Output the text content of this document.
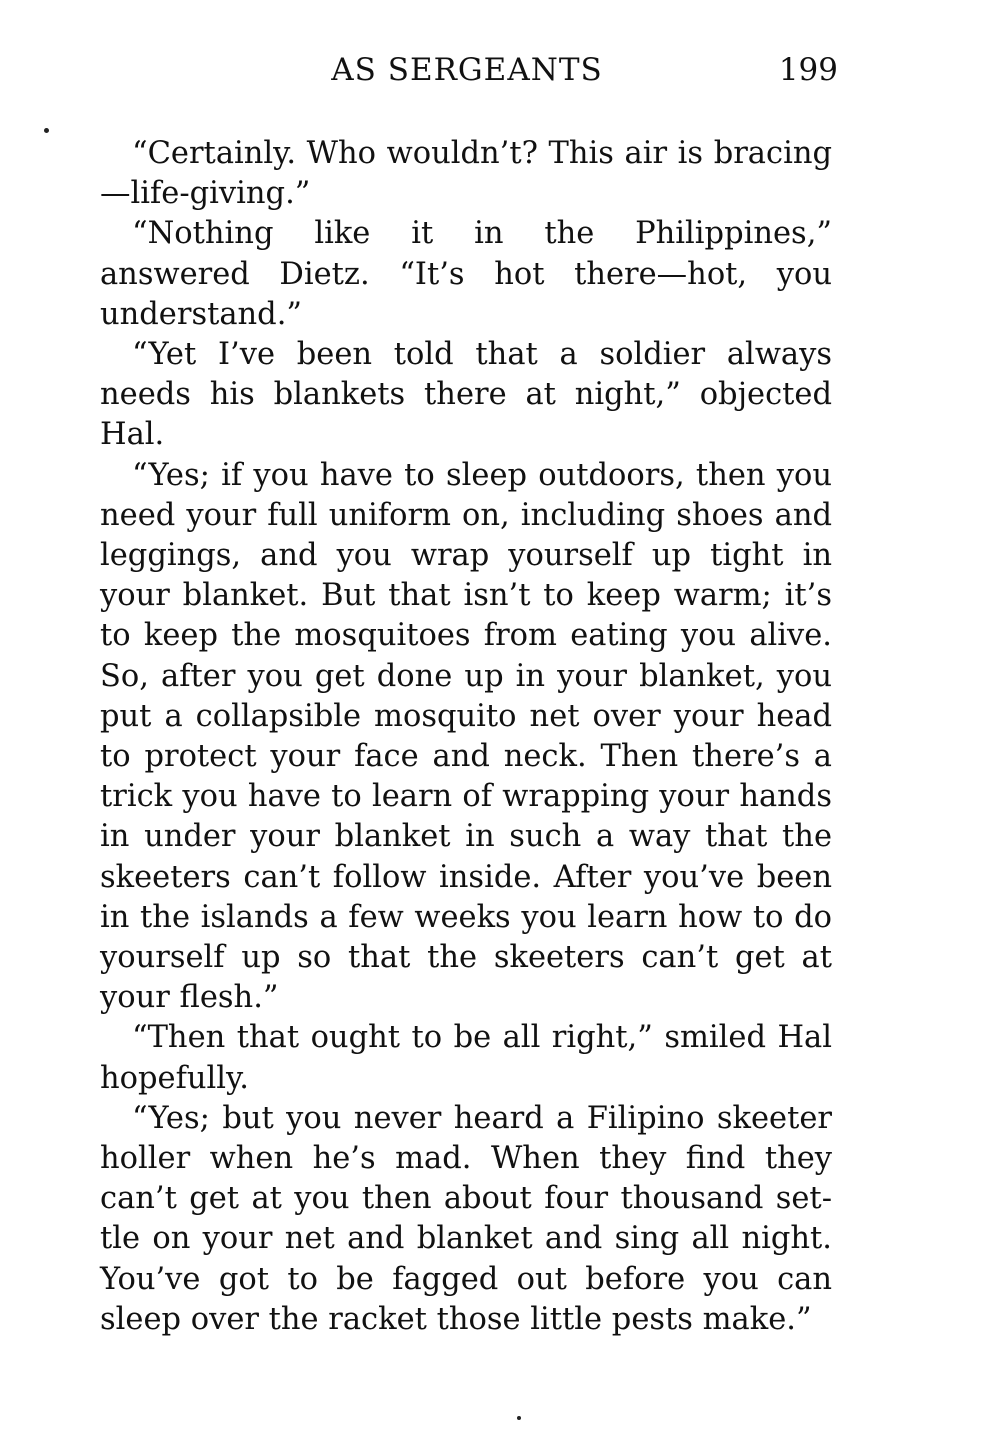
AS SERGEANTS	199

“Certainly. Who wouldn’t? This air is bracing—life-giving.”

“Nothing like it in the Philippines,” answered Dietz. “It’s hot there—hot, you understand.”

“Yet I’ve been told that a soldier always needs his blankets there at night,” objected Hal.

“Yes; if you have to sleep outdoors, then you need your full uniform on, including shoes and leggings, and you wrap yourself up tight in your blanket. But that isn’t to keep warm; it’s to keep the mosquitoes from eating you alive. So, after you get done up in your blanket, you put a collapsible mosquito net over your head to protect your face and neck. Then there’s a trick you have to learn of wrapping your hands in under your blanket in such a way that the skeeters can’t follow inside. After you’ve been in the islands a few weeks you learn how to do yourself up so that the skeeters can’t get at your flesh.”

“Then that ought to be all right,” smiled Hal hopefully.

“Yes; but you never heard a Filipino skeeter holler when he’s mad. When they find they can’t get at you then about four thousand settle on your net and blanket and sing all night. You’ve got to be fagged out before you can sleep over the racket those little pests make.”
